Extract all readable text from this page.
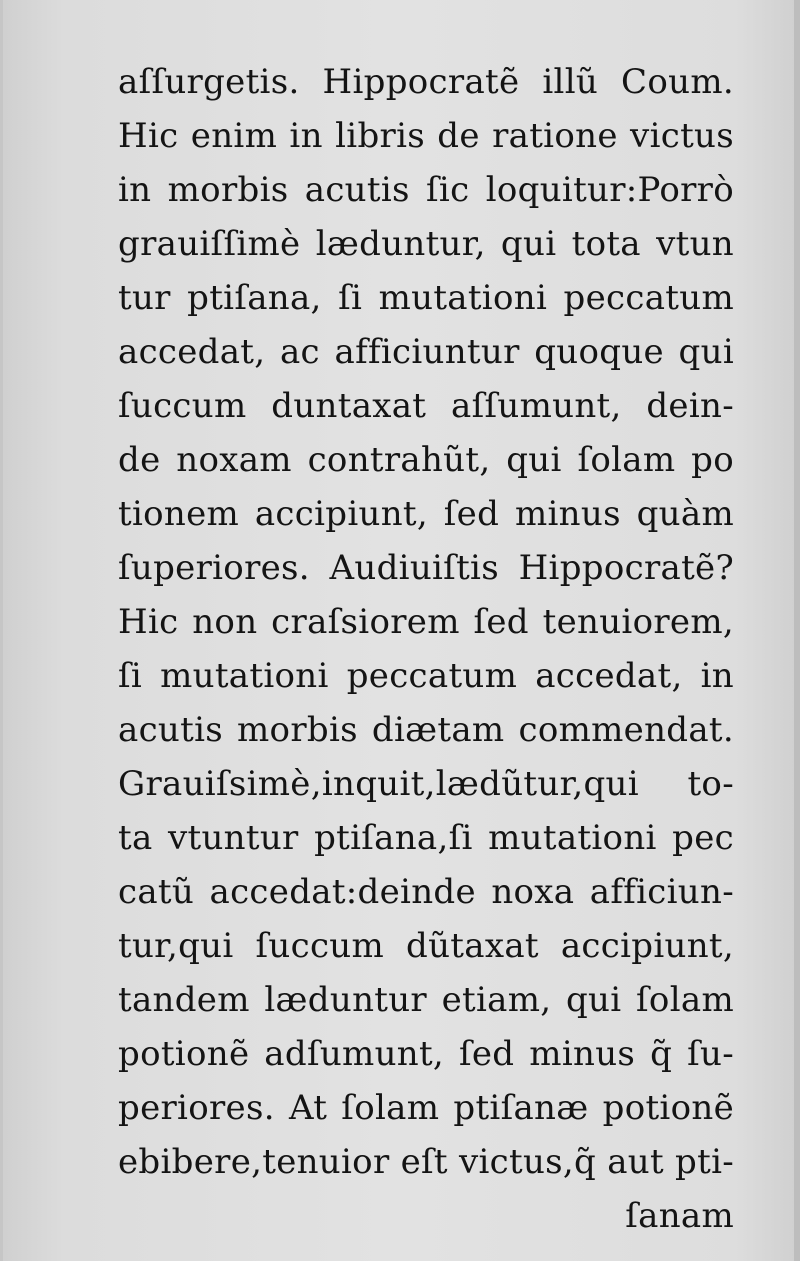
aſſurgetis. Hippocratẽ illũ Coum.
Hic enim in libris de ratione victus
in morbis acutis ſic loquitur:Porrò
grauiſſimè læduntur, qui tota vtun
tur ptiſana, ſi mutationi peccatum
accedat, ac afficiuntur quoque qui
ſuccum duntaxat aſſumunt, dein-
de noxam contrahũt, qui ſolam po
tionem accipiunt, ſed minus quàm
ſuperiores. Audiuiſtis Hippocratẽ?
Hic non craſsiorem ſed tenuiorem,
ſi mutationi peccatum accedat, in
acutis morbis diætam commendat.
Grauiſsimè,inquit,lædũtur,qui to-
ta vtuntur ptiſana,ſi mutationi pec
catũ accedat:deinde noxa afficiun-
tur,qui ſuccum dũtaxat accipiunt,
tandem læduntur etiam, qui ſolam
potionẽ adſumunt, ſed minus q̃ ſu-
periores. At ſolam ptiſanæ potionẽ
ebibere,tenuior eſt victus,q̃ aut pti-
ſanam
